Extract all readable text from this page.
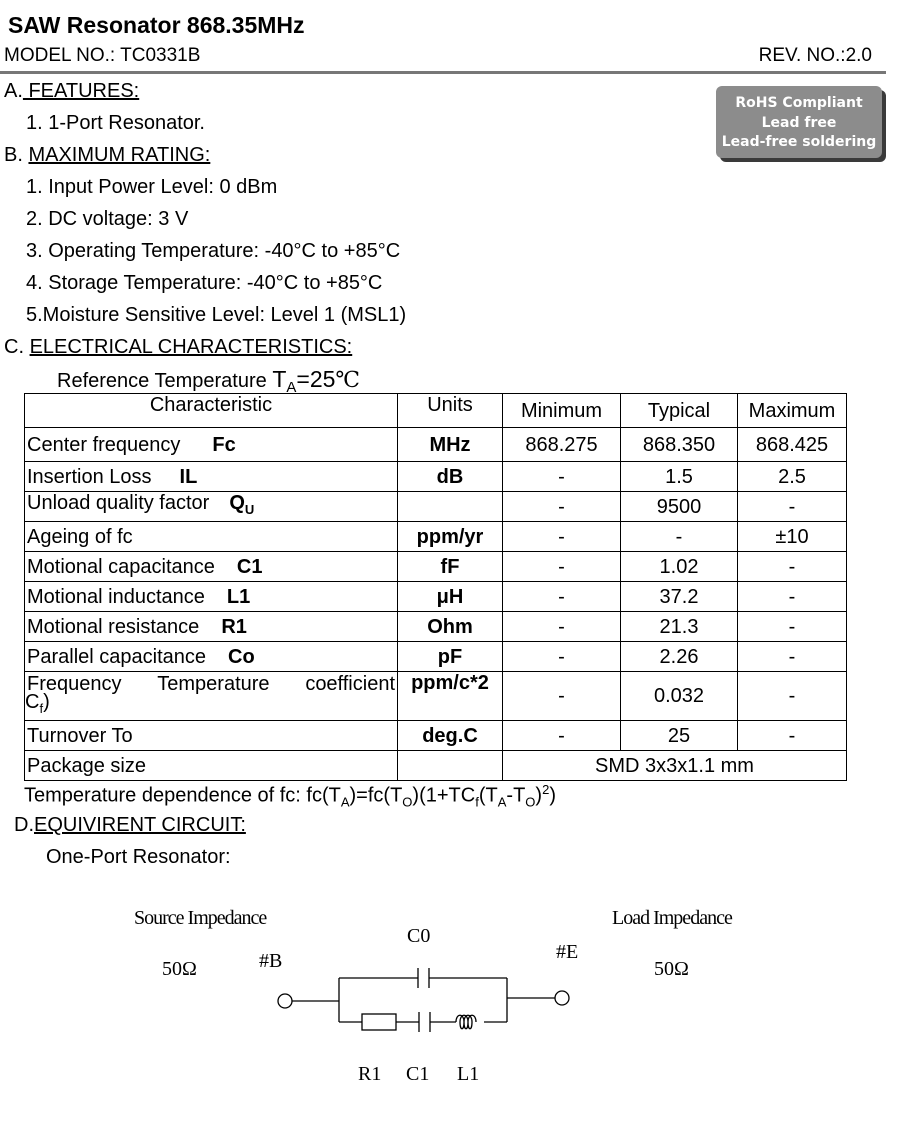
SAW Resonator 868.35MHz
MODEL NO.: TC0331B	REV. NO.:2.0
RoHS Compliant
Lead free
Lead-free soldering
A. FEATURES:
1. 1-Port Resonator.
B. MAXIMUM RATING:
1. Input Power Level: 0 dBm
2. DC voltage: 3 V
3. Operating Temperature: -40°C to +85°C
4. Storage Temperature: -40°C to +85°C
5.Moisture Sensitive Level: Level 1 (MSL1)
C. ELECTRICAL CHARACTERISTICS:
Reference Temperature $T_A=25℃$
Characteristic	Units	Minimum	Typical	Maximum
Center frequency Fc	MHz	868.275	868.350	868.425
Insertion Loss IL	dB	-	1.5	2.5
Unload quality factor $Q_U$		-	9500	-
Ageing of fc	ppm/yr	-	-	±10
Motional capacitance C1	fF	-	1.02	-
Motional inductance L1	μH	-	37.2	-
Motional resistance R1	Ohm	-	21.3	-
Parallel capacitance Co	pF	-	2.26	-

Frequency Temperature coefficient
$C_f$)	ppm/c*2	-	0.032	-
Turnover To	deg.C	-	25	-
Package size		SMD 3x3x1.1 mm		
Temperature dependence of fc: $fc(T_A)=fc(T_O)(1+TC_f(T_A-T_O)^2)$
D.EQUIVIRENT CIRCUIT:
One-Port Resonator:
Source Impedance
50Ω
Load Impedance
50Ω
#B	#E
C0
R1 C1 L1
